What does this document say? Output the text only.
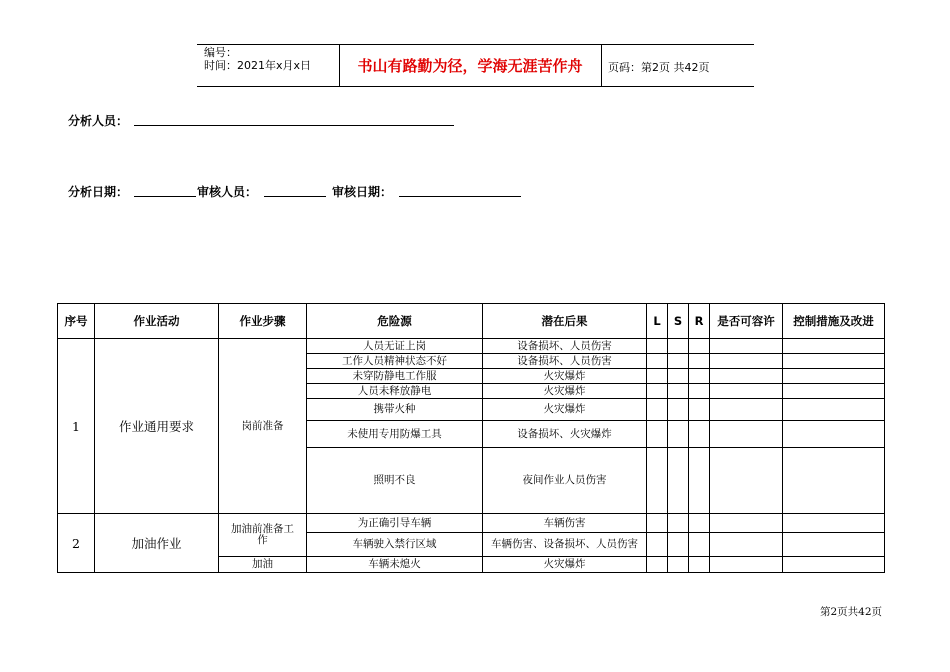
编号：
时间：2021年x月x日	书山有路勤为径，学海无涯苦作舟	页码：第2页 共42页
分析人员：
分析日期：	审核人员：	审核日期：
序号	作业活动	作业步骤	危险源	潜在后果	L	S	R	是否可容许	控制措施及改进
1	作业通用要求	岗前准备	人员无证上岗	设备损坏、人员伤害					
			工作人员精神状态不好	设备损坏、人员伤害					
			未穿防静电工作服	火灾爆炸					
			人员未释放静电	火灾爆炸					
			携带火种	火灾爆炸					
			未使用专用防爆工具	设备损坏、火灾爆炸					
			照明不良	夜间作业人员伤害					
2	加油作业	加油前准备工作	为正确引导车辆	车辆伤害					
			车辆驶入禁行区域	车辆伤害、设备损坏、人员伤害					
		加油	车辆未熄火	火灾爆炸					
第2页共42页
